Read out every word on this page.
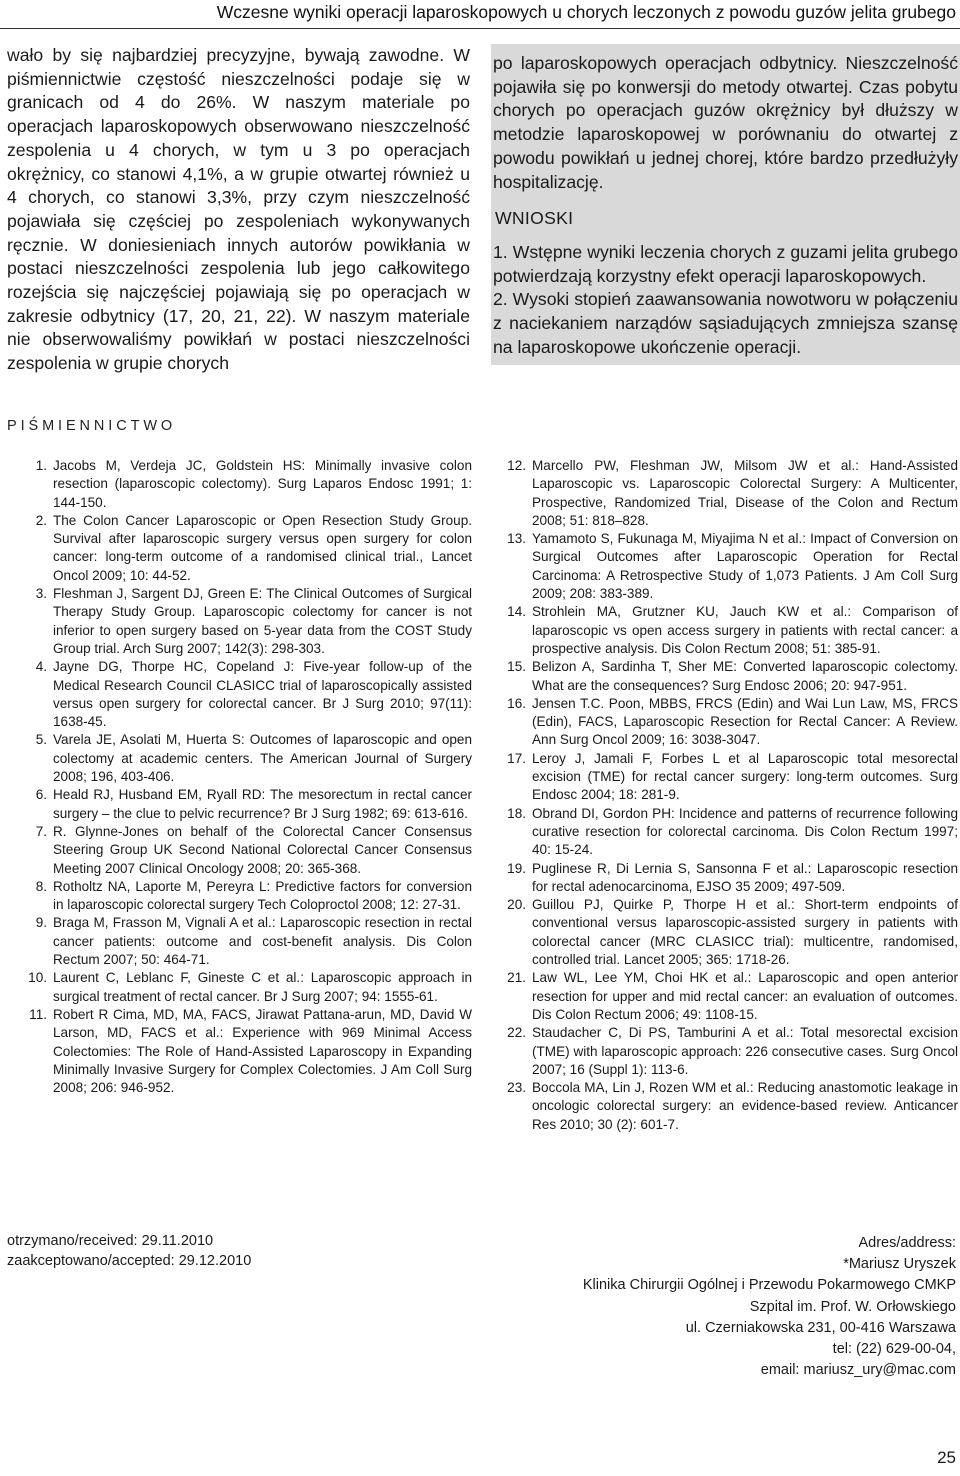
Wczesne wyniki operacji laparoskopowych u chorych leczonych z powodu guzów jelita grubego
wało by się najbardziej precyzyjne, bywają zawodne. W piśmiennictwie częstość nieszczelności podaje się w granicach od 4 do 26%. W naszym materiale po operacjach laparoskopowych obserwowano nieszczelność zespolenia u 4 chorych, w tym u 3 po operacjach okrężnicy, co stanowi 4,1%, a w grupie otwartej również u 4 chorych, co stanowi 3,3%, przy czym nieszczelność pojawiała się częściej po zespoleniach wykonywanych ręcznie. W doniesieniach innych autorów powikłania w postaci nieszczelności zespolenia lub jego całkowitego rozejścia się najczęściej pojawiają się po operacjach w zakresie odbytnicy (17, 20, 21, 22). W naszym materiale nie obserwowaliśmy powikłań w postaci nieszczelności zespolenia w grupie chorych

po laparoskopowych operacjach odbytnicy. Nieszczelność pojawiła się po konwersji do metody otwartej. Czas pobytu chorych po operacjach guzów okrężnicy był dłuższy w metodzie laparoskopowej w porównaniu do otwartej z powodu powikłań u jednej chorej, które bardzo przedłużyły hospitalizację.

WNIOSKI

1. Wstępne wyniki leczenia chorych z guzami jelita grubego potwierdzają korzystny efekt operacji laparoskopowych.

2. Wysoki stopień zaawansowania nowotworu w połączeniu z naciekaniem narządów sąsiadujących zmniejsza szansę na laparoskopowe ukończenie operacji.

PIŚMIENNICTWO
1. Jacobs M, Verdeja JC, Goldstein HS: Minimally invasive colon resection (laparoscopic colectomy). Surg Laparos Endosc 1991; 1: 144-150.
2. The Colon Cancer Laparoscopic or Open Resection Study Group. Survival after laparoscopic surgery versus open surgery for colon cancer: long-term outcome of a randomised clinical trial., Lancet Oncol 2009; 10: 44-52.
3. Fleshman J, Sargent DJ, Green E: The Clinical Outcomes of Surgical Therapy Study Group. Laparoscopic colectomy for cancer is not inferior to open surgery based on 5-year data from the COST Study Group trial. Arch Surg 2007; 142(3): 298-303.
4. Jayne DG, Thorpe HC, Copeland J: Five-year follow-up of the Medical Research Council CLASICC trial of laparoscopically assisted versus open surgery for colorectal cancer. Br J Surg 2010; 97(11): 1638-45.
5. Varela JE, Asolati M, Huerta S: Outcomes of laparoscopic and open colectomy at academic centers. The American Journal of Surgery 2008; 196, 403-406.
6. Heald RJ, Husband EM, Ryall RD: The mesorectum in rectal cancer surgery – the clue to pelvic recurrence? Br J Surg 1982; 69: 613-616.
7. R. Glynne-Jones on behalf of the Colorectal Cancer Consensus Steering Group UK Second National Colorectal Cancer Consensus Meeting 2007 Clinical Oncology 2008; 20: 365-368.
8. Rotholtz NA, Laporte M, Pereyra L: Predictive factors for conversion in laparoscopic colorectal surgery Tech Coloproctol 2008; 12: 27-31.
9. Braga M, Frasson M, Vignali A et al.: Laparoscopic resection in rectal cancer patients: outcome and cost-benefit analysis. Dis Colon Rectum 2007; 50: 464-71.
10. Laurent C, Leblanc F, Gineste C et al.: Laparoscopic approach in surgical treatment of rectal cancer. Br J Surg 2007; 94: 1555-61.
11. Robert R Cima, MD, MA, FACS, Jirawat Pattana-arun, MD, David W Larson, MD, FACS et al.: Experience with 969 Minimal Access Colectomies: The Role of Hand-Assisted Laparoscopy in Expanding Minimally Invasive Surgery for Complex Colectomies. J Am Coll Surg 2008; 206: 946-952.
12. Marcello PW, Fleshman JW, Milsom JW et al.: Hand-Assisted Laparoscopic vs. Laparoscopic Colorectal Surgery: A Multicenter, Prospective, Randomized Trial, Disease of the Colon and Rectum 2008; 51: 818–828.
13. Yamamoto S, Fukunaga M, Miyajima N et al.: Impact of Conversion on Surgical Outcomes after Laparoscopic Operation for Rectal Carcinoma: A Retrospective Study of 1,073 Patients. J Am Coll Surg 2009; 208: 383-389.
14. Strohlein MA, Grutzner KU, Jauch KW et al.: Comparison of laparoscopic vs open access surgery in patients with rectal cancer: a prospective analysis. Dis Colon Rectum 2008; 51: 385-91.
15. Belizon A, Sardinha T, Sher ME: Converted laparoscopic colectomy. What are the consequences? Surg Endosc 2006; 20: 947-951.
16. Jensen T.C. Poon, MBBS, FRCS (Edin) and Wai Lun Law, MS, FRCS (Edin), FACS, Laparoscopic Resection for Rectal Cancer: A Review. Ann Surg Oncol 2009; 16: 3038-3047.
17. Leroy J, Jamali F, Forbes L et al Laparoscopic total mesorectal excision (TME) for rectal cancer surgery: long-term outcomes. Surg Endosc 2004; 18: 281-9.
18. Obrand DI, Gordon PH: Incidence and patterns of recurrence following curative resection for colorectal carcinoma. Dis Colon Rectum 1997; 40: 15-24.
19. Puglinese R, Di Lernia S, Sansonna F et al.: Laparoscopic resection for rectal adenocarcinoma, EJSO 35 2009; 497-509.
20. Guillou PJ, Quirke P, Thorpe H et al.: Short-term endpoints of conventional versus laparoscopic-assisted surgery in patients with colorectal cancer (MRC CLASICC trial): multicentre, randomised, controlled trial. Lancet 2005; 365: 1718-26.
21. Law WL, Lee YM, Choi HK et al.: Laparoscopic and open anterior resection for upper and mid rectal cancer: an evaluation of outcomes. Dis Colon Rectum 2006; 49: 1108-15.
22. Staudacher C, Di PS, Tamburini A et al.: Total mesorectal excision (TME) with laparoscopic approach: 226 consecutive cases. Surg Oncol 2007; 16 (Suppl 1): 113-6.
23. Boccola MA, Lin J, Rozen WM et al.: Reducing anastomotic leakage in oncologic colorectal surgery: an evidence-based review. Anticancer Res 2010; 30 (2): 601-7.
otrzymano/received: 29.11.2010
zaakceptowano/accepted: 29.12.2010
Adres/address:
*Mariusz Uryszek
Klinika Chirurgii Ogólnej i Przewodu Pokarmowego CMKP
Szpital im. Prof. W. Orłowskiego
ul. Czerniakowska 231, 00-416 Warszawa
tel: (22) 629-00-04,
email: mariusz_ury@mac.com
25
